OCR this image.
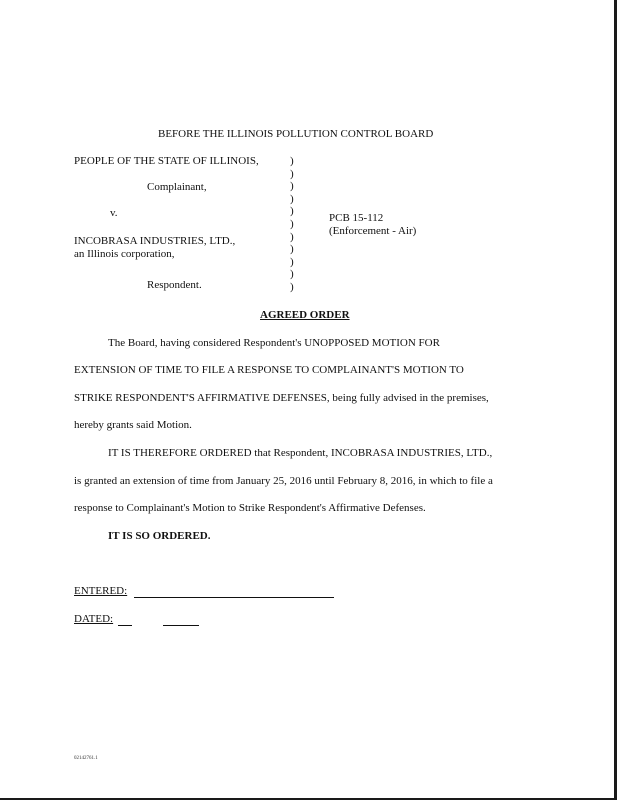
BEFORE THE ILLINOIS POLLUTION CONTROL BOARD
PEOPLE OF THE STATE OF ILLINOIS,
Complainant,
v.
INCOBRASA INDUSTRIES, LTD.,
an Illinois corporation,
Respondent.
)
)
)
)
)
)
)
)
)
)
)
PCB 15-112
(Enforcement - Air)
AGREED ORDER
The Board, having considered Respondent's UNOPPOSED MOTION FOR
EXTENSION OF TIME TO FILE A RESPONSE TO COMPLAINANT'S MOTION TO
STRIKE RESPONDENT'S AFFIRMATIVE DEFENSES, being fully advised in the premises,
hereby grants said Motion.
IT IS THEREFORE ORDERED that Respondent, INCOBRASA INDUSTRIES, LTD.,
is granted an extension of time from January 25, 2016 until February 8, 2016, in which to file a
response to Complainant's Motion to Strike Respondent's Affirmative Defenses.
IT IS SO ORDERED.
ENTERED:
DATED:
02142761.1
